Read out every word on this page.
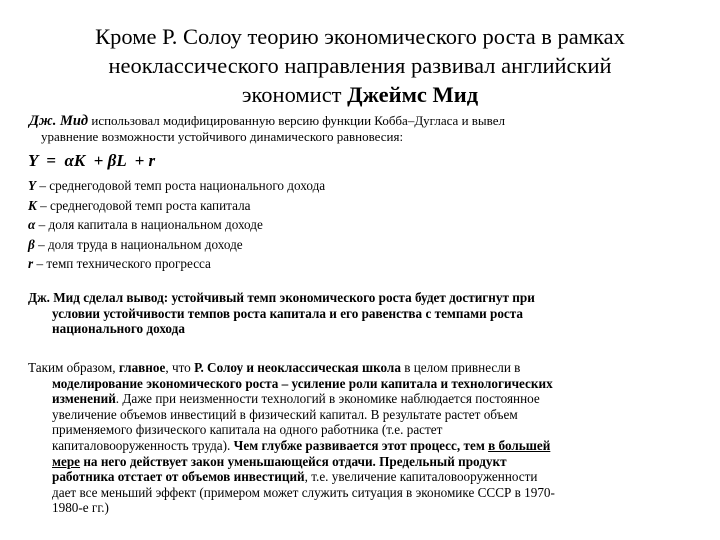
Кроме Р. Солоу теорию экономического роста в рамках
неоклассического направления развивал английский
экономист Джеймс Мид

Дж. Мид использовал модифицированную версию функции Кобба–Дугласа и вывел

уравнение возможности устойчивого динамического равновесия:

Y  =  αK  + βL  + r
Y – среднегодовой темп роста национального дохода
K – среднегодовой темп роста капитала
α – доля капитала в национальном доходе
β – доля труда в национальном доходе
r – темп технического прогресса

Дж. Мид сделал вывод: устойчивый темп экономического роста будет достигнут при

условии устойчивости темпов роста капитала и его равенства с темпами роста

национального дохода

Таким образом, главное, что Р. Солоу и неоклассическая школа в целом привнесли в

моделирование экономического роста – усиление роли капитала и технологических

изменений. Даже при неизменности технологий в экономике наблюдается постоянное

увеличение объемов инвестиций в физический капитал. В результате растет объем

применяемого физического капитала на одного работника (т.е. растет

капиталовооруженность труда). Чем глубже развивается этот процесс, тем в большей

мере на него действует закон уменьшающейся отдачи. Предельный продукт

работника отстает от объемов инвестиций, т.е. увеличение капиталовооруженности

дает все меньший эффект (примером может служить ситуация в экономике СССР в 1970-

1980-е гг.)
